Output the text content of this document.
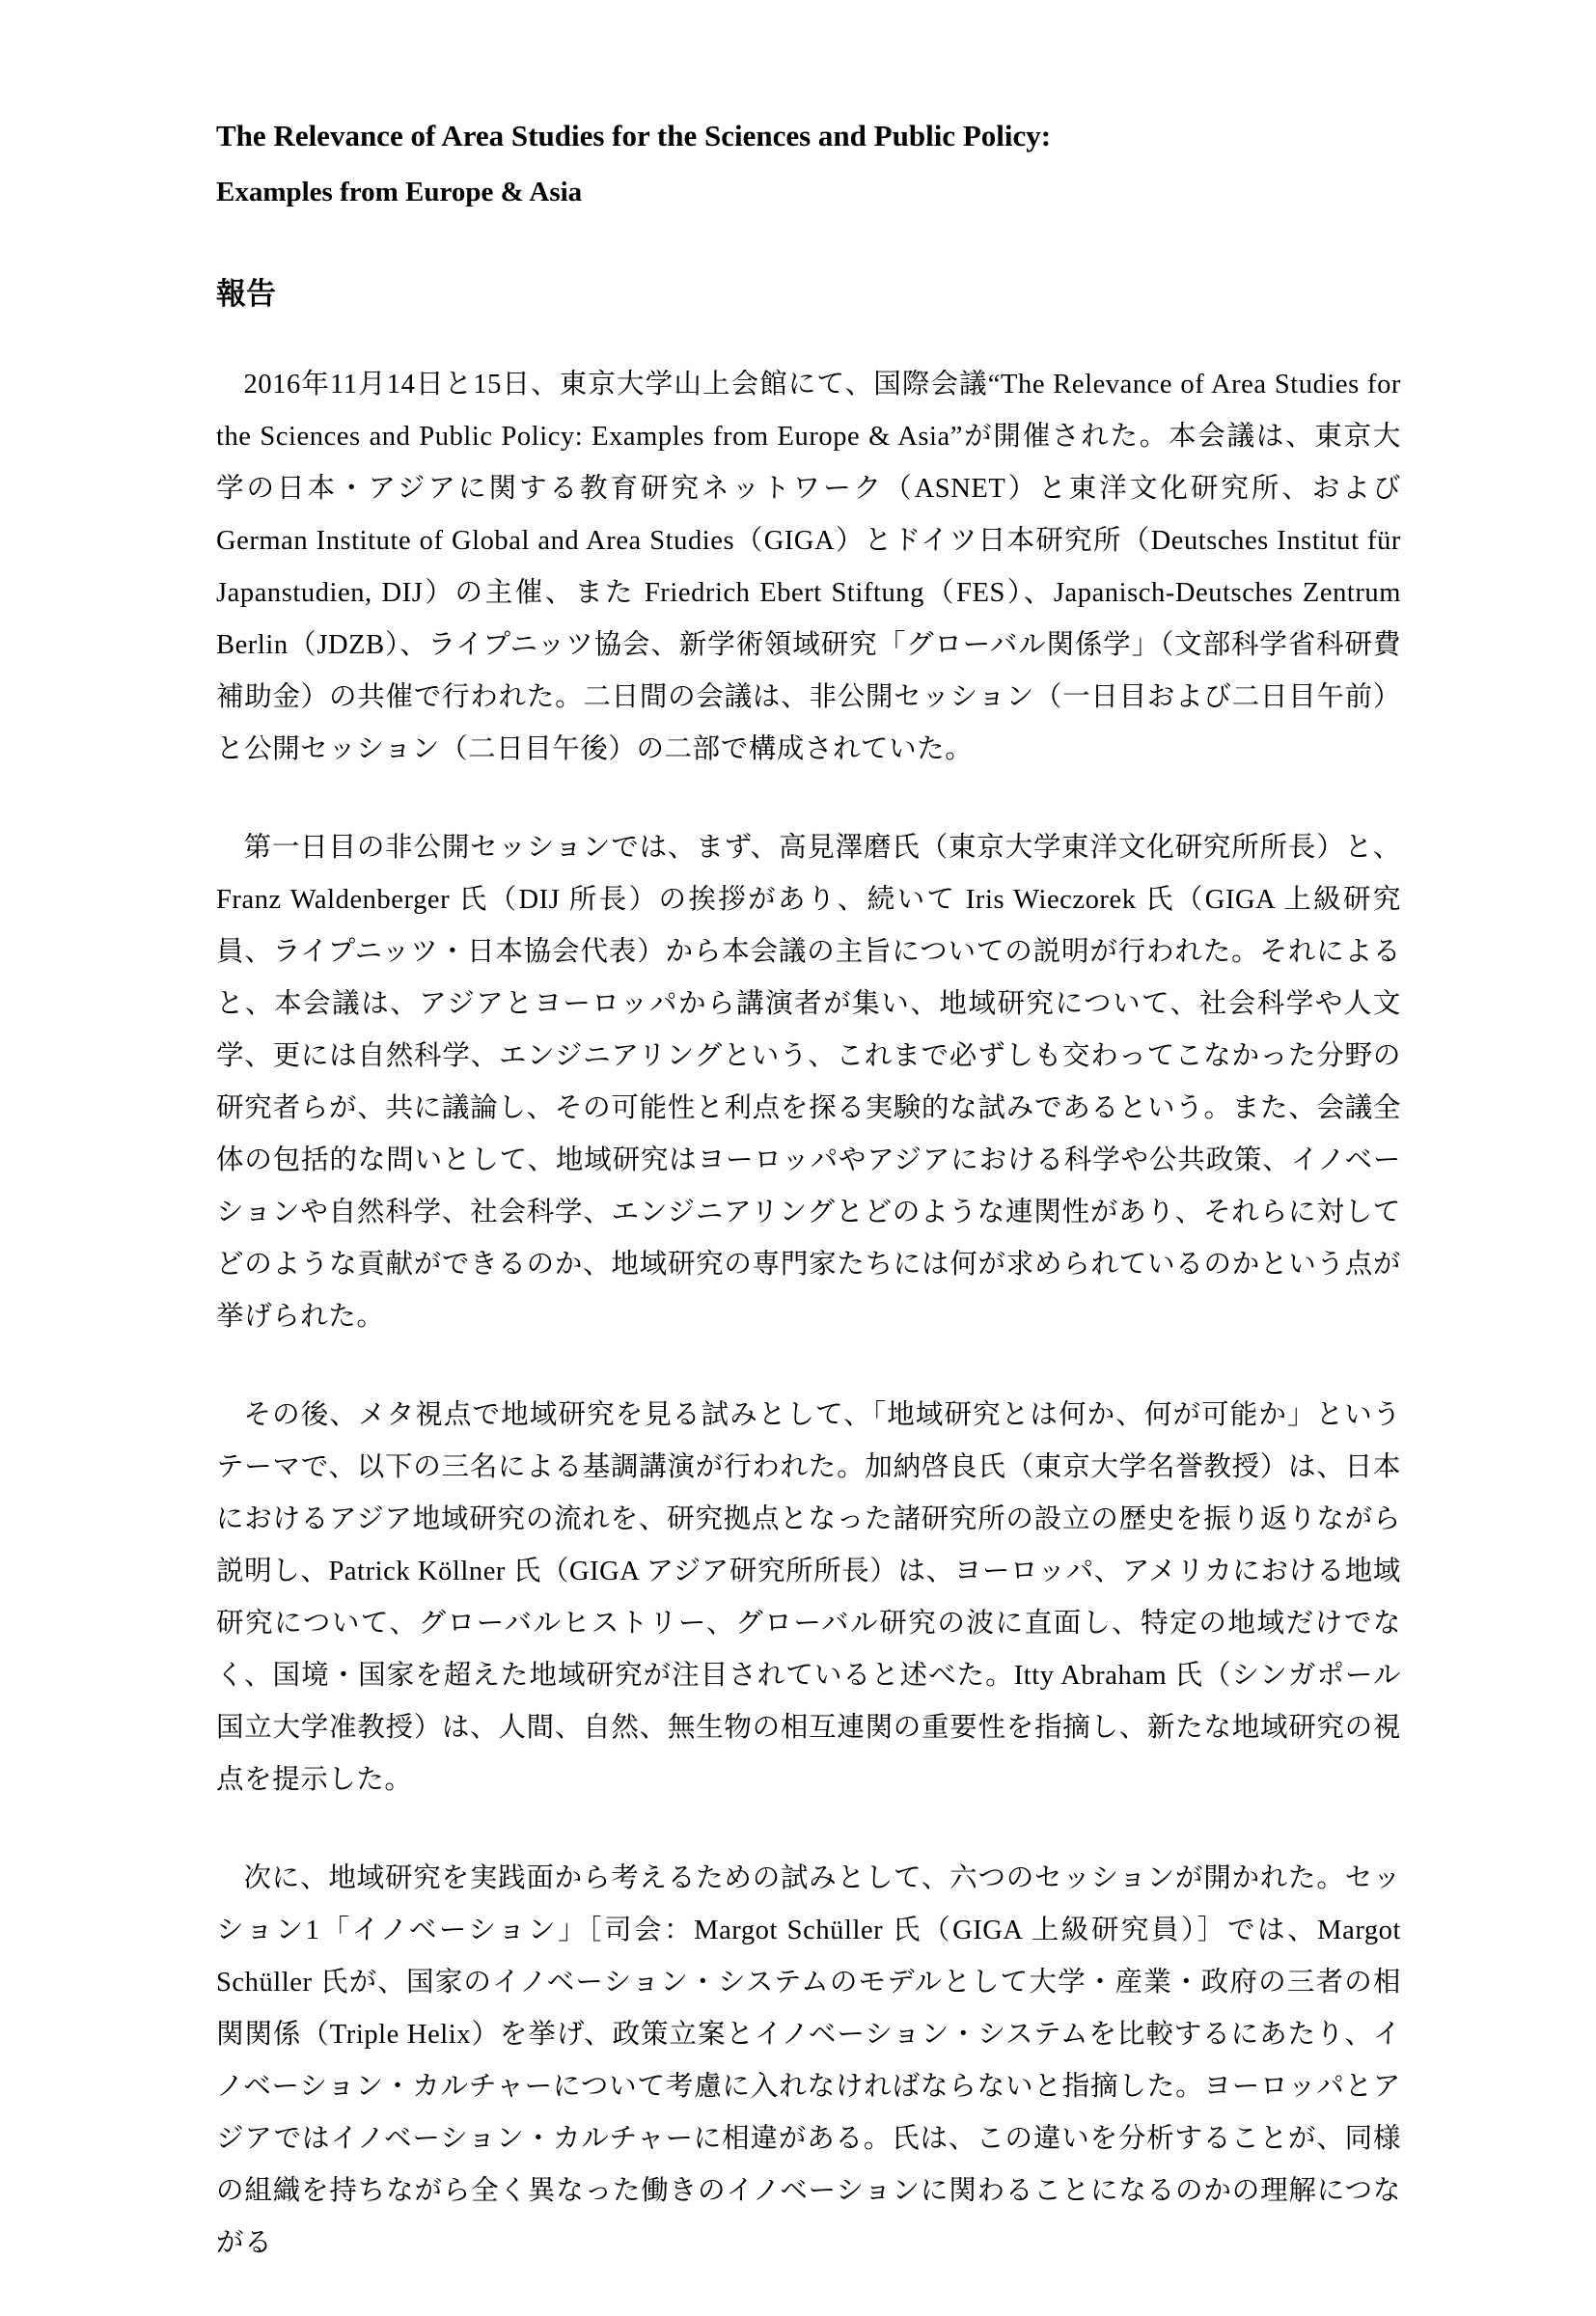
The Relevance of Area Studies for the Sciences and Public Policy:
Examples from Europe & Asia
報告

2016年11月14日と15日、東京大学山上会館にて、国際会議“The Relevance of Area Studies for the Sciences and Public Policy: Examples from Europe & Asia”が開催された。本会議は、東京大学の日本・アジアに関する教育研究ネットワーク（ASNET）と東洋文化研究所、およびGerman Institute of Global and Area Studies（GIGA）とドイツ日本研究所（Deutsches Institut für Japanstudien, DIJ）の主催、また Friedrich Ebert Stiftung（FES）、Japanisch-Deutsches Zentrum Berlin（JDZB）、ライプニッツ協会、新学術領域研究「グローバル関係学」（文部科学省科研費補助金）の共催で行われた。二日間の会議は、非公開セッション（一日目および二日目午前）と公開セッション（二日目午後）の二部で構成されていた。

第一日目の非公開セッションでは、まず、高見澤磨氏（東京大学東洋文化研究所所長）と、Franz Waldenberger 氏（DIJ 所長）の挨拶があり、続いて Iris Wieczorek 氏（GIGA 上級研究員、ライプニッツ・日本協会代表）から本会議の主旨についての説明が行われた。それによると、本会議は、アジアとヨーロッパから講演者が集い、地域研究について、社会科学や人文学、更には自然科学、エンジニアリングという、これまで必ずしも交わってこなかった分野の研究者らが、共に議論し、その可能性と利点を探る実験的な試みであるという。また、会議全体の包括的な問いとして、地域研究はヨーロッパやアジアにおける科学や公共政策、イノベーションや自然科学、社会科学、エンジニアリングとどのような連関性があり、それらに対してどのような貢献ができるのか、地域研究の専門家たちには何が求められているのかという点が挙げられた。

その後、メタ視点で地域研究を見る試みとして、「地域研究とは何か、何が可能か」というテーマで、以下の三名による基調講演が行われた。加納啓良氏（東京大学名誉教授）は、日本におけるアジア地域研究の流れを、研究拠点となった諸研究所の設立の歴史を振り返りながら説明し、Patrick Köllner 氏（GIGA アジア研究所所長）は、ヨーロッパ、アメリカにおける地域研究について、グローバルヒストリー、グローバル研究の波に直面し、特定の地域だけでなく、国境・国家を超えた地域研究が注目されていると述べた。Itty Abraham 氏（シンガポール国立大学准教授）は、人間、自然、無生物の相互連関の重要性を指摘し、新たな地域研究の視点を提示した。

次に、地域研究を実践面から考えるための試みとして、六つのセッションが開かれた。セッション1「イノベーション」［司会：Margot Schüller 氏（GIGA 上級研究員）］では、Margot Schüller 氏が、国家のイノベーション・システムのモデルとして大学・産業・政府の三者の相関関係（Triple Helix）を挙げ、政策立案とイノベーション・システムを比較するにあたり、イノベーション・カルチャーについて考慮に入れなければならないと指摘した。ヨーロッパとアジアではイノベーション・カルチャーに相違がある。氏は、この違いを分析することが、同様の組織を持ちながら全く異なった働きのイノベーションに関わることになるのかの理解につながる
